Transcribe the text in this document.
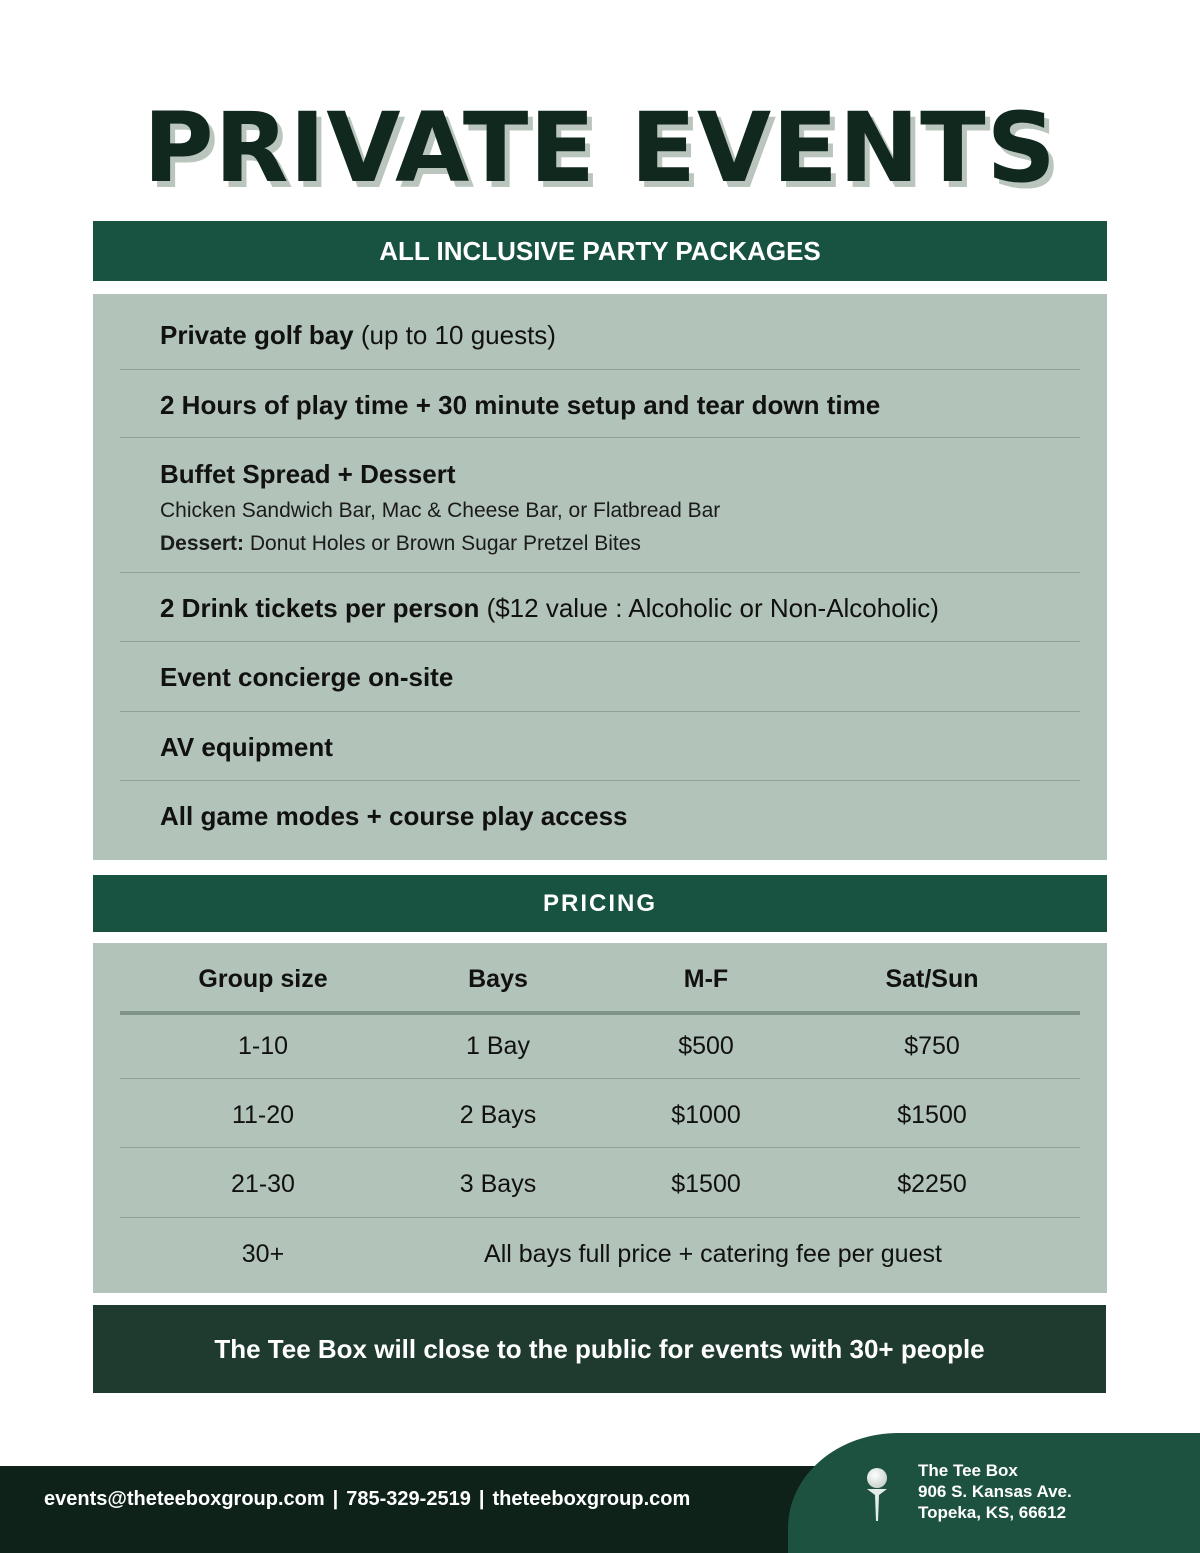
PRIVATE EVENTS
ALL INCLUSIVE PARTY PACKAGES
Private golf bay (up to 10 guests)
2 Hours of play time + 30 minute setup and tear down time
Buffet Spread + Dessert
Chicken Sandwich Bar, Mac & Cheese Bar, or Flatbread Bar
Dessert: Donut Holes or Brown Sugar Pretzel Bites
2 Drink tickets per person ($12 value : Alcoholic or Non-Alcoholic)
Event concierge on-site
AV equipment
All game modes + course play access
PRICING
Group size	Bays	M-F	Sat/Sun
1-10	1 Bay	$500	$750
11-20	2 Bays	$1000	$1500
21-30	3 Bays	$1500	$2250
30+	All bays full price + catering fee per guest
The Tee Box will close to the public for events with 30+ people
events@theteeboxgroup.com | 785-329-2519 | theteeboxgroup.com
The Tee Box
906 S. Kansas Ave.
Topeka, KS, 66612
